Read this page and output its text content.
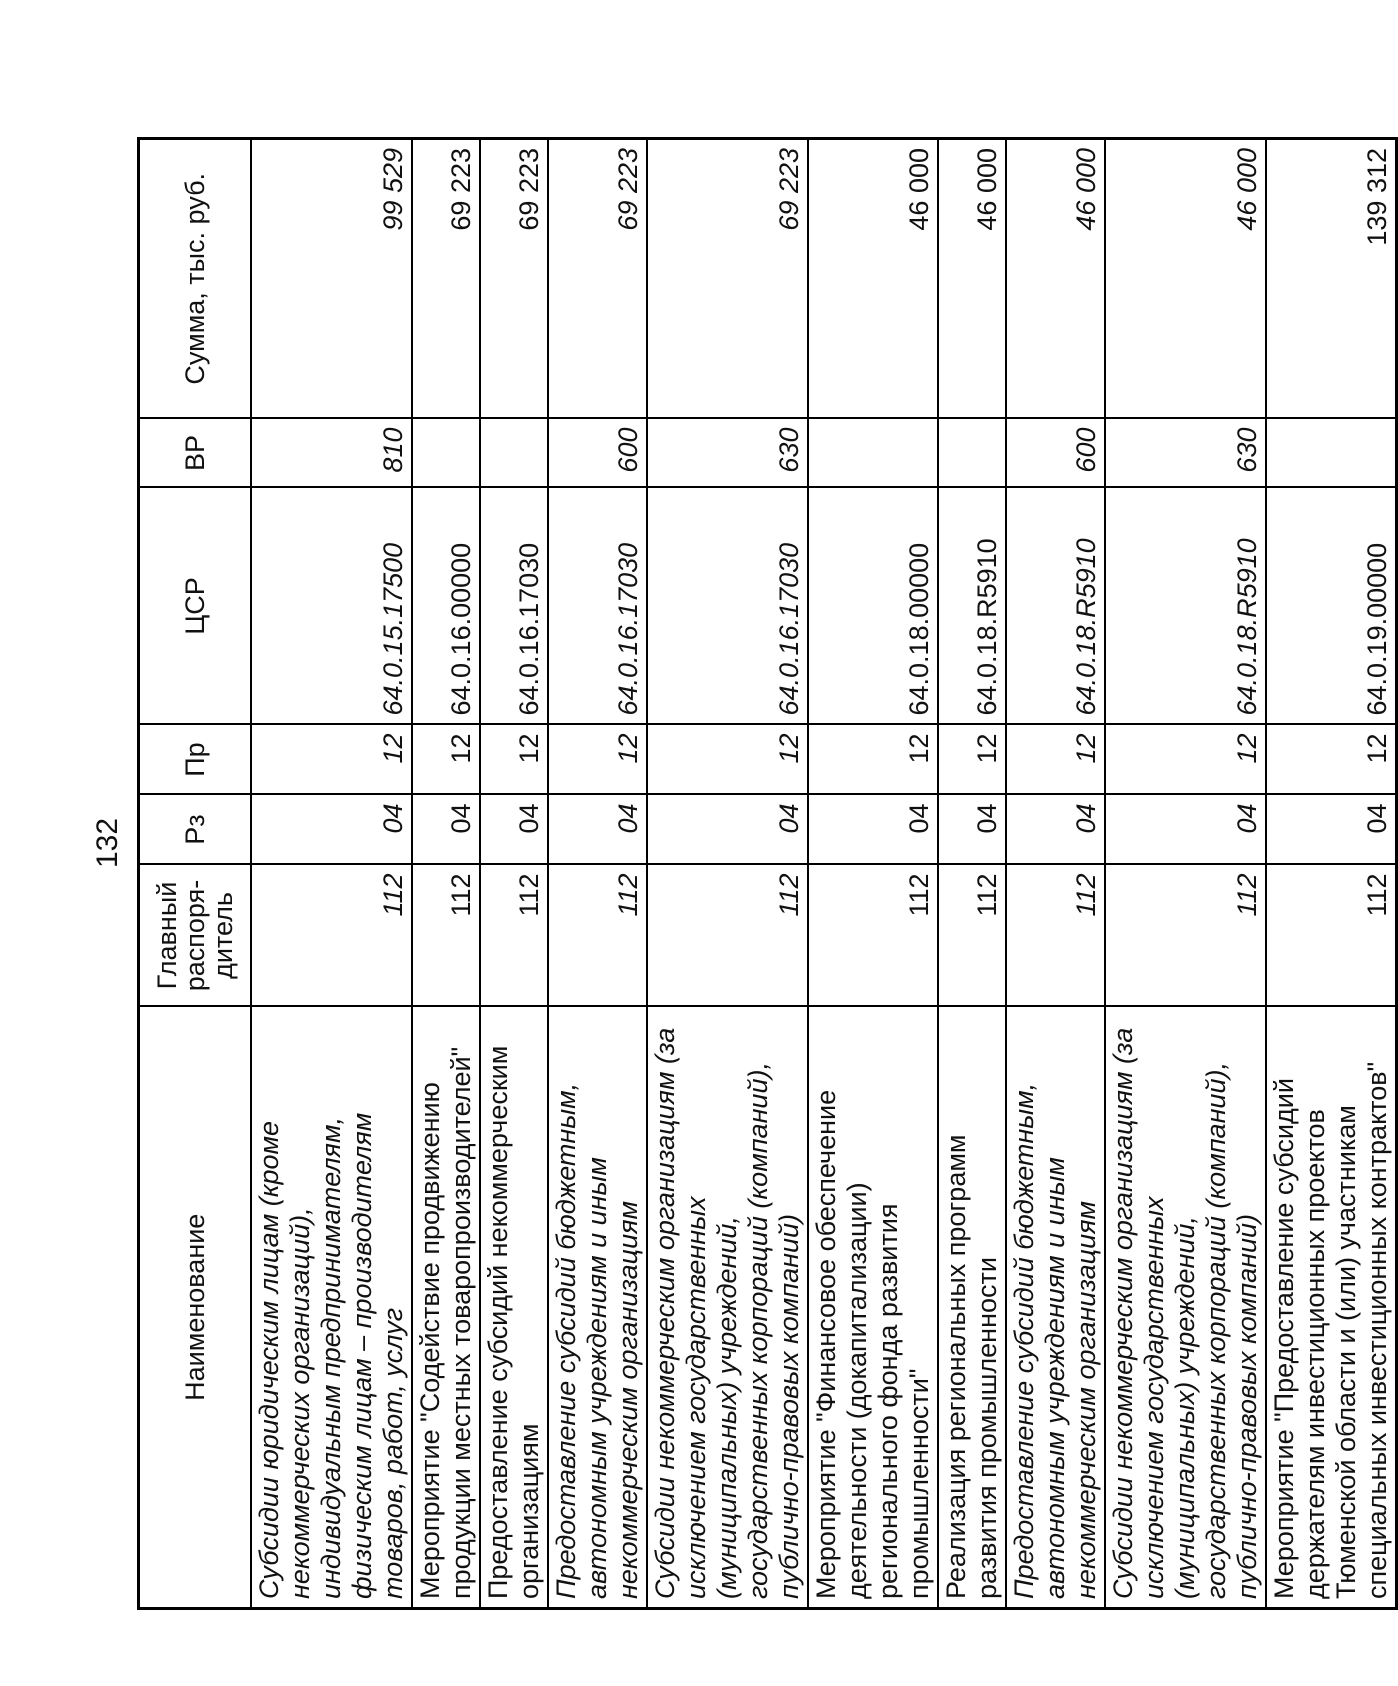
132
Наименование	Главный распоря-дитель	Рз	Пр	ЦСР	ВР	Сумма, тыс. руб.
Субсидии юридическим лицам (кроме некоммерческих организаций), индивидуальным предпринимателям, физическим лицам – производителям товаров, работ, услуг	112	04	12	64.0.15.17500	810	99 529
Мероприятие "Содействие продвижению продукции местных товаропроизводителей"	112	04	12	64.0.16.00000		69 223
Предоставление субсидий некоммерческим организациям	112	04	12	64.0.16.17030		69 223
Предоставление субсидий бюджетным, автономным учреждениям и иным некоммерческим организациям	112	04	12	64.0.16.17030	600	69 223
Субсидии некоммерческим организациям (за исключением государственных (муниципальных) учреждений, государственных корпораций (компаний), публично-правовых компаний)	112	04	12	64.0.16.17030	630	69 223
Мероприятие "Финансовое обеспечение деятельности (докапитализации) регионального фонда развития промышленности"	112	04	12	64.0.18.00000		46 000
Реализация региональных программ развития промышленности	112	04	12	64.0.18.R5910		46 000
Предоставление субсидий бюджетным, автономным учреждениям и иным некоммерческим организациям	112	04	12	64.0.18.R5910	600	46 000
Субсидии некоммерческим организациям (за исключением государственных (муниципальных) учреждений, государственных корпораций (компаний), публично-правовых компаний)	112	04	12	64.0.18.R5910	630	46 000
Мероприятие "Предоставление субсидий держателям инвестиционных проектов Тюменской области и (или) участникам специальных инвестиционных контрактов"	112	04	12	64.0.19.00000		139 312
